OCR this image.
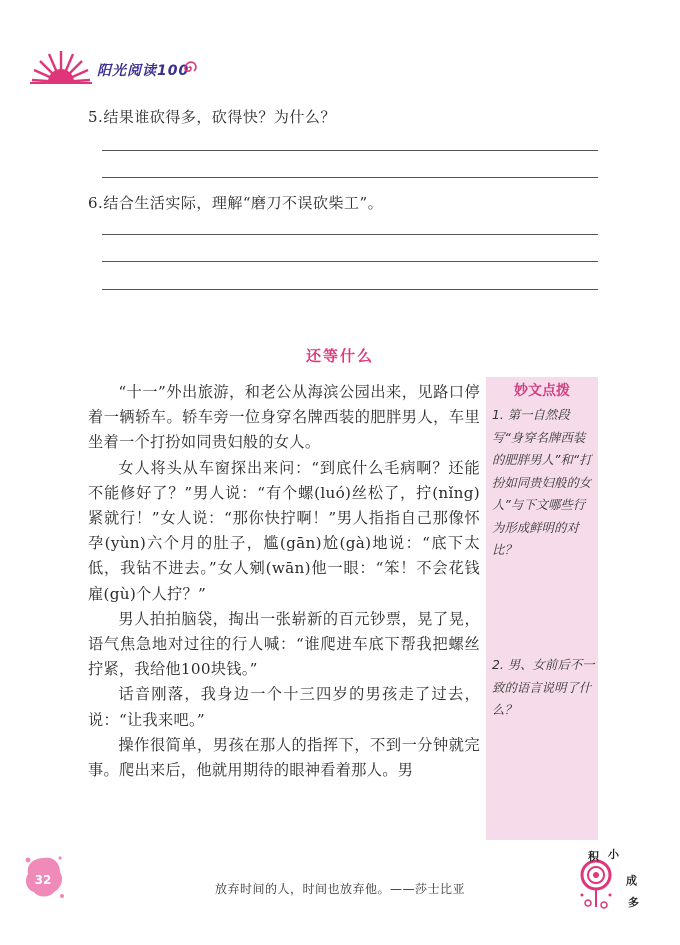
阳光阅读100
5.结果谁砍得多，砍得快？为什么？
6.结合生活实际，理解“磨刀不误砍柴工”。
还等什么

“十一”外出旅游，和老公从海滨公园出来，见路口停着一辆轿车。轿车旁一位身穿名牌西装的肥胖男人，车里坐着一个打扮如同贵妇般的女人。

女人将头从车窗探出来问：“到底什么毛病啊？还能不能修好了？”男人说：“有个螺(luó)丝松了，拧(nǐng)紧就行！”女人说：“那你快拧啊！”男人指指自己那像怀孕(yùn)六个月的肚子，尴(gān)尬(gà)地说：“底下太低，我钻不进去。”女人剜(wān)他一眼：“笨！不会花钱雇(gù)个人拧？”

男人拍拍脑袋，掏出一张崭新的百元钞票，晃了晃，语气焦急地对过往的行人喊：“谁爬进车底下帮我把螺丝拧紧，我给他100块钱。”

话音刚落，我身边一个十三四岁的男孩走了过去，说：“让我来吧。”

操作很简单，男孩在那人的指挥下，不到一分钟就完事。爬出来后，他就用期待的眼神看着那人。男

妙文点拨
1. 第一自然段写“身穿名牌西装的肥胖男人”和“打扮如同贵妇般的女人”与下文哪些行为形成鲜明的对比？
2. 男、女前后不一致的语言说明了什么？
32
放弃时间的人，时间也放弃他。——莎士比亚
积 小
成
多
